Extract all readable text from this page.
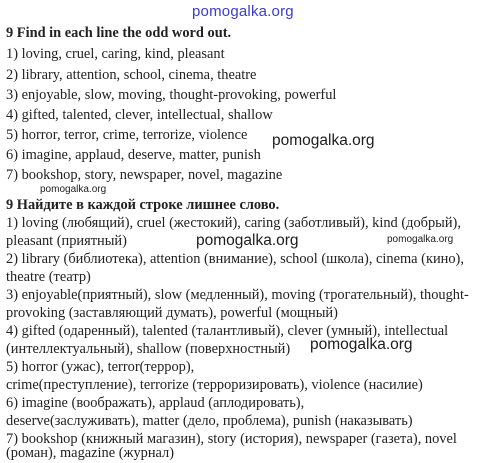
pomogalka.org
pomogalka.org
pomogalka.org
pomogalka.org	pomogalka.org
pomogalka.org
9 Find in each line the odd word out.
1) loving, cruel, caring, kind, pleasant
2) library, attention, school, cinema, theatre
3) enjoyable, slow, moving, thought-provoking, powerful
4) gifted, talented, clever, intellectual, shallow
5) horror, terror, crime, terrorize, violence
6) imagine, applaud, deserve, matter, punish
7) bookshop, story, newspaper, novel, magazine
9 Найдите в каждой строке лишнее слово.
1) loving (любящий), cruel (жестокий), caring (заботливый), kind (добрый),
pleasant (приятный)
2) library (библиотека), attention (внимание), school (школа), cinema (кино),
theatre (театр)
3) enjoyable(приятный), slow (медленный), moving (трогательный), thought-
provoking (заставляющий думать), powerful (мощный)
4) gifted (одаренный), talented (талантливый), clever (умный), intellectual
(интеллектуальный), shallow (поверхностный)
5) horror (ужас), terror(террор),
crime(преступление), terrorize (терроризировать), violence (насилие)
6) imagine (воображать), applaud (аплодировать),
deserve(заслуживать), matter (дело, проблема), punish (наказывать)
7) bookshop (книжный магазин), story (история), newspaper (газета), novel
(роман), magazine (журнал)
